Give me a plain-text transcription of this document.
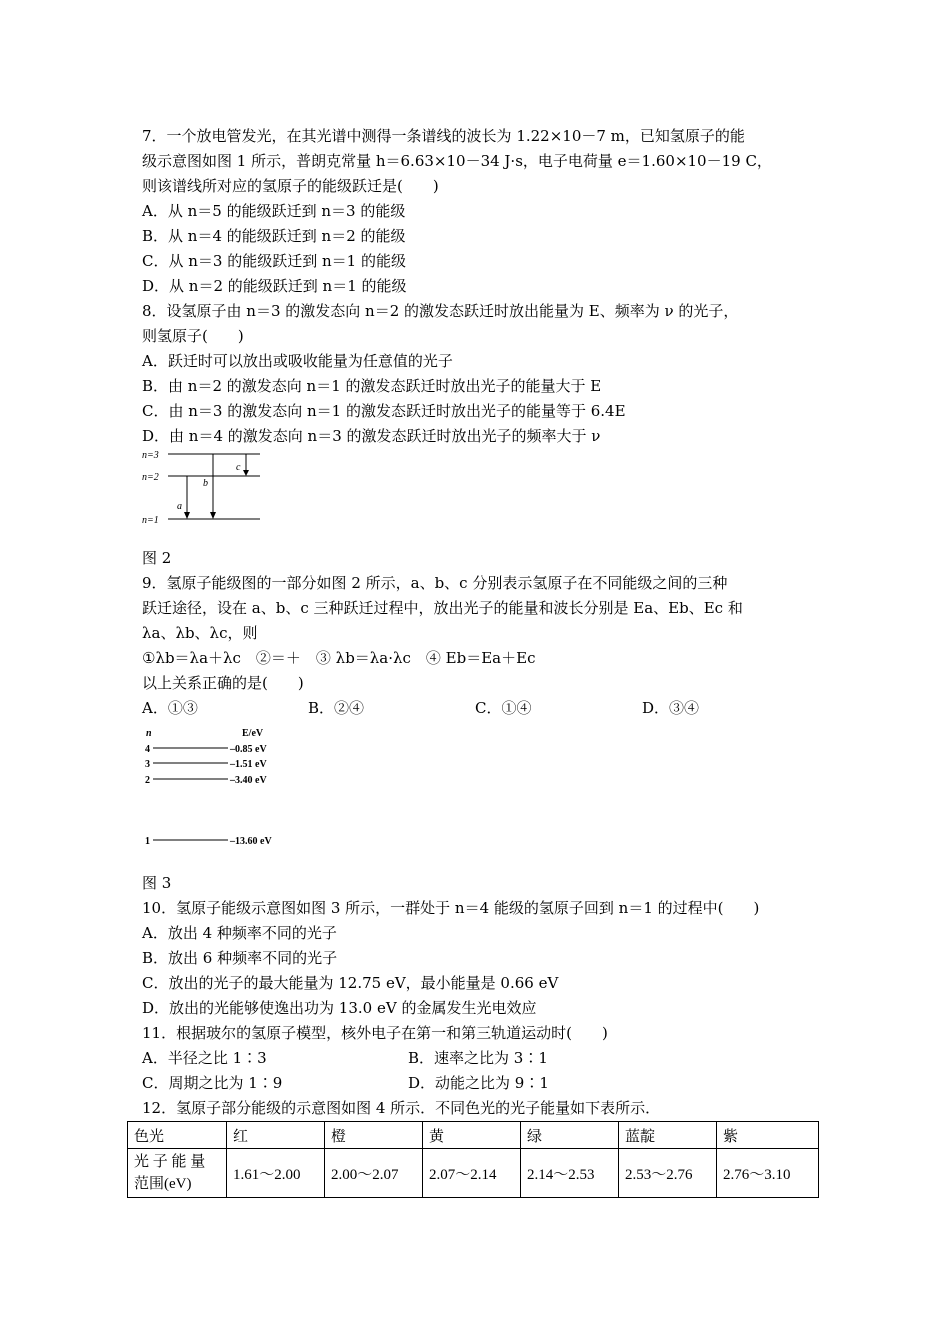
7．一个放电管发光，在其光谱中测得一条谱线的波长为 1.22×10－7 m，已知氢原子的能
级示意图如图 1 所示，普朗克常量 h＝6.63×10－34 J·s，电子电荷量 e＝1.60×10－19 C，
则该谱线所对应的氢原子的能级跃迁是(　　)
A．从 n＝5 的能级跃迁到 n＝3 的能级
B．从 n＝4 的能级跃迁到 n＝2 的能级
C．从 n＝3 的能级跃迁到 n＝1 的能级
D．从 n＝2 的能级跃迁到 n＝1 的能级
8．设氢原子由 n＝3 的激发态向 n＝2 的激发态跃迁时放出能量为 E、频率为 ν 的光子，
则氢原子(　　)
A．跃迁时可以放出或吸收能量为任意值的光子
B．由 n＝2 的激发态向 n＝1 的激发态跃迁时放出光子的能量大于 E
C．由 n＝3 的激发态向 n＝1 的激发态跃迁时放出光子的能量等于 6.4E
D．由 n＝4 的激发态向 n＝3 的激发态跃迁时放出光子的频率大于 ν
n=3
n=2
n=1
a
b
c
图 2
9．氢原子能级图的一部分如图 2 所示，a、b、c 分别表示氢原子在不同能级之间的三种
跃迁途径，设在 a、b、c 三种跃迁过程中，放出光子的能量和波长分别是 Ea、Eb、Ec 和
λa、λb、λc，则
①λb＝λa＋λc　②＝＋　③ λb＝λa·λc　④ Eb＝Ea＋Ec
以上关系正确的是(　　)
A．①③	B．②④	C．①④	D．③④
n	E/eV
4
3
2
1
–0.85 eV
–1.51 eV
–3.40 eV
–13.60 eV
图 3
10．氢原子能级示意图如图 3 所示，一群处于 n＝4 能级的氢原子回到 n＝1 的过程中(　　)
A．放出 4 种频率不同的光子
B．放出 6 种频率不同的光子
C．放出的光子的最大能量为 12.75 eV，最小能量是 0.66 eV
D．放出的光能够使逸出功为 13.0 eV 的金属发生光电效应
11．根据玻尔的氢原子模型，核外电子在第一和第三轨道运动时(　　)
A．半径之比 1∶3	B．速率之比为 3∶1
C．周期之比为 1∶9	D．动能之比为 9∶1
12．氢原子部分能级的示意图如图 4 所示．不同色光的光子能量如下表所示．
色光	红	橙	黄	绿	蓝靛	紫

光 子 能 量
范围(eV)	1.61～2.00	2.00～2.07	2.07～2.14	2.14～2.53	2.53～2.76	2.76～3.10
